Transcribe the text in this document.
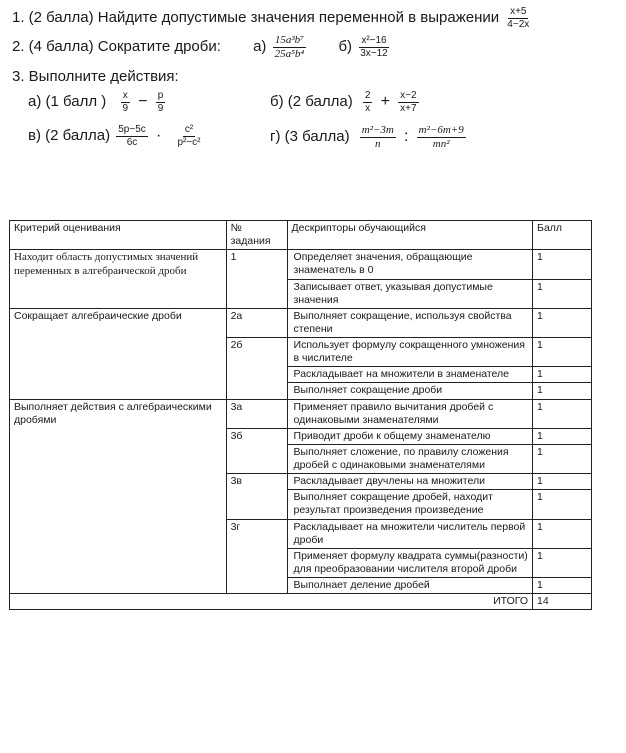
1. (2 балла) Найдите допустимые значения переменной в выражении $\frac{x+5}{4-2x}$
2. (4 балла) Сократите дроби: $а) \frac{\text{15a³b⁷}}{\text{25a⁵b⁴}} б) \frac{\text{x²−16}}{3x-12}$
3. Выполните действия:
а) (1 балл ) $\frac{x}{9} - \frac{p}{9}$	б) (2 балла) $\frac{2}{x} + \frac{x-2}{x+7}$
в) (2 балла) $\frac{5p-5c}{6c} \cdot \frac{\text{c²}}{\text{p²−c²}}$	г) (3 балла) $\frac{\text{m²−3m}}{n}$ : $\frac{\text{m²−6m+9}}{\text{mn²}}$
Критерий оценивания	№ задания	Дескрипторы обучающийся	Балл
Находит область допустимых значений переменных в алгебраической дроби	1	Определяет значения, обращающие знаменатель в 0	1
		Записывает ответ, указывая допустимые значения	1
Сокращает алгебраические дроби	2а	Выполняет сокращение, используя свойства степени	1
	2б	Использует формулу сокращенного умножения в числителе	1
		Раскладывает на множители в знаменателе	1
		Выполняет сокращение дроби	1
Выполняет действия с алгебраическими дробями	3а	Применяет правило вычитания дробей с одинаковыми знаменателями	1
	3б	Приводит дроби к общему знаменателю	1
		Выполняет сложение, по правилу сложения дробей с одинаковыми знаменателями	1
	3в	Раскладывает двучлены на множители	1
		Выполняет сокращение дробей, находит результат произведения произведение	1
	3г	Раскладывает на множители числитель первой дроби	1
		Применяет формулу квадрата суммы(разности) для преобразовании числителя второй дроби	1
		Выполнает деление дробей	1
ИТОГО			14
